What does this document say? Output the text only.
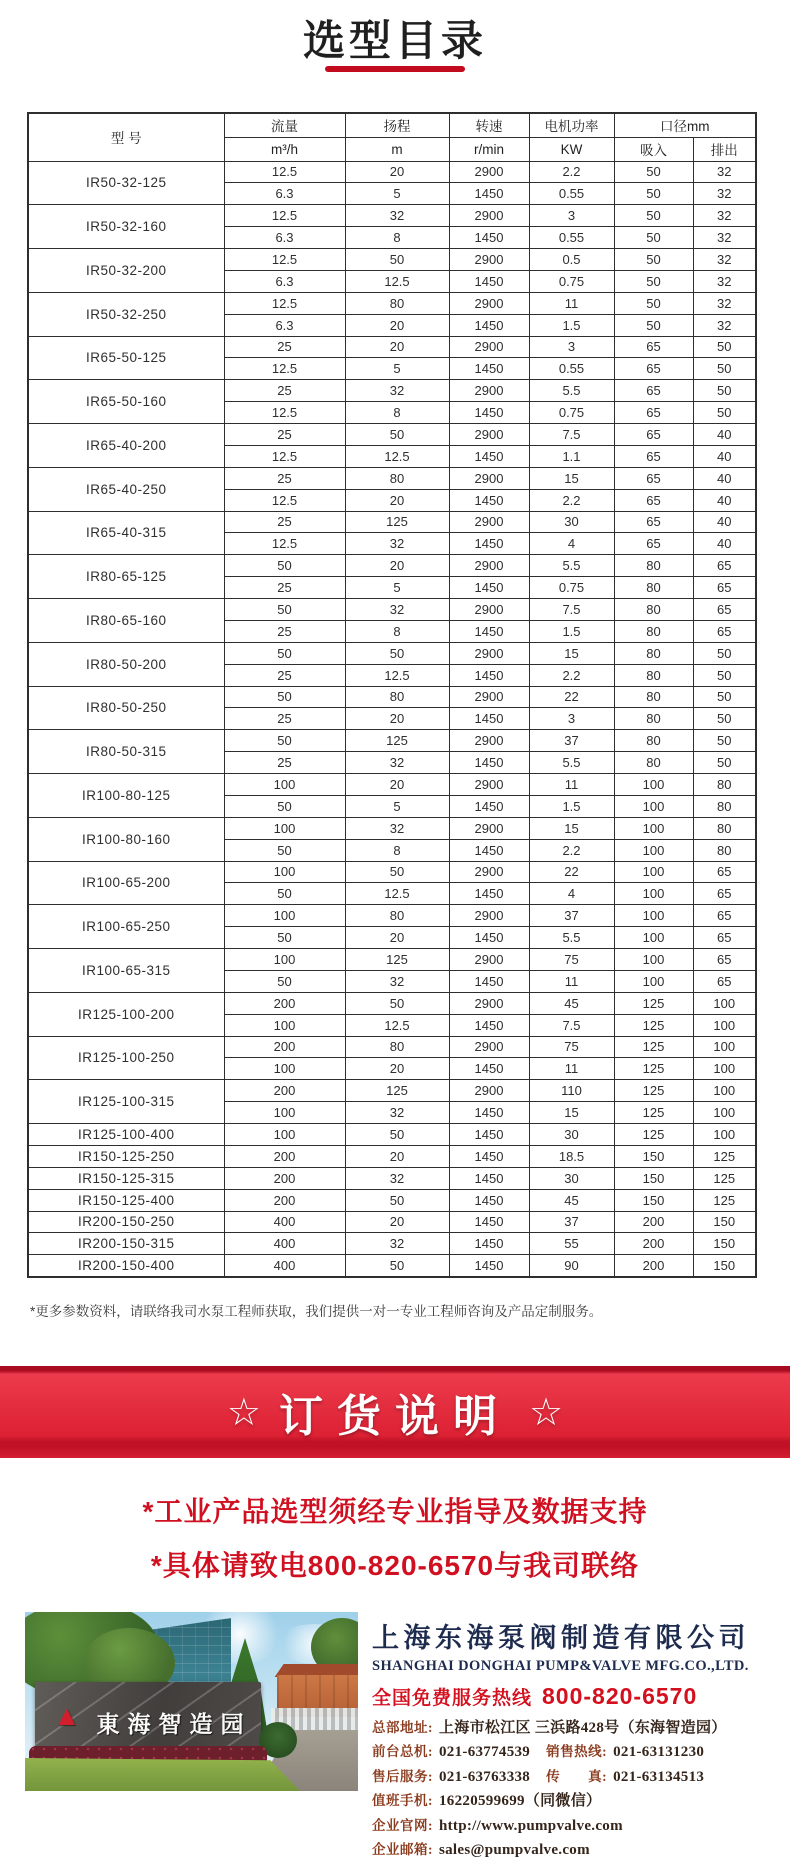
选型目录
型 号	流量	扬程	转速	电机功率	口径mm	
	m³/h	m	r/min	KW	吸入	排出
IR50-32-125	12.5	20	2900	2.2	50	32
	6.3	5	1450	0.55	50	32
IR50-32-160	12.5	32	2900	3	50	32
	6.3	8	1450	0.55	50	32
IR50-32-200	12.5	50	2900	0.5	50	32
	6.3	12.5	1450	0.75	50	32
IR50-32-250	12.5	80	2900	11	50	32
	6.3	20	1450	1.5	50	32
IR65-50-125	25	20	2900	3	65	50
	12.5	5	1450	0.55	65	50
IR65-50-160	25	32	2900	5.5	65	50
	12.5	8	1450	0.75	65	50
IR65-40-200	25	50	2900	7.5	65	40
	12.5	12.5	1450	1.1	65	40
IR65-40-250	25	80	2900	15	65	40
	12.5	20	1450	2.2	65	40
IR65-40-315	25	125	2900	30	65	40
	12.5	32	1450	4	65	40
IR80-65-125	50	20	2900	5.5	80	65
	25	5	1450	0.75	80	65
IR80-65-160	50	32	2900	7.5	80	65
	25	8	1450	1.5	80	65
IR80-50-200	50	50	2900	15	80	50
	25	12.5	1450	2.2	80	50
IR80-50-250	50	80	2900	22	80	50
	25	20	1450	3	80	50
IR80-50-315	50	125	2900	37	80	50
	25	32	1450	5.5	80	50
IR100-80-125	100	20	2900	11	100	80
	50	5	1450	1.5	100	80
IR100-80-160	100	32	2900	15	100	80
	50	8	1450	2.2	100	80
IR100-65-200	100	50	2900	22	100	65
	50	12.5	1450	4	100	65
IR100-65-250	100	80	2900	37	100	65
	50	20	1450	5.5	100	65
IR100-65-315	100	125	2900	75	100	65
	50	32	1450	11	100	65
IR125-100-200	200	50	2900	45	125	100
	100	12.5	1450	7.5	125	100
IR125-100-250	200	80	2900	75	125	100
	100	20	1450	11	125	100
IR125-100-315	200	125	2900	110	125	100
	100	32	1450	15	125	100
IR125-100-400	100	50	1450	30	125	100
IR150-125-250	200	20	1450	18.5	150	125
IR150-125-315	200	32	1450	30	150	125
IR150-125-400	200	50	1450	45	150	125
IR200-150-250	400	20	1450	37	200	150
IR200-150-315	400	32	1450	55	200	150
IR200-150-400	400	50	1450	90	200	150
*更多参数资料，请联络我司水泵工程师获取，我们提供一对一专业工程师咨询及产品定制服务。
☆ 订货说明 ☆
*工业产品选型须经专业指导及数据支持
*具体请致电800-820-6570与我司联络
▲ 東海智造园
上海东海泵阀制造有限公司
SHANGHAI DONGHAI PUMP&VALVE MFG.CO.,LTD.
全国免费服务热线 800-820-6570
总部地址: 上海市松江区 三浜路428号（东海智造园）
前台总机: 021-63774539 销售热线: 021-63131230
售后服务: 021-63763338 传　　真: 021-63134513
值班手机: 16220599699（同微信）
企业官网: http://www.pumpvalve.com
企业邮箱: sales@pumpvalve.com
